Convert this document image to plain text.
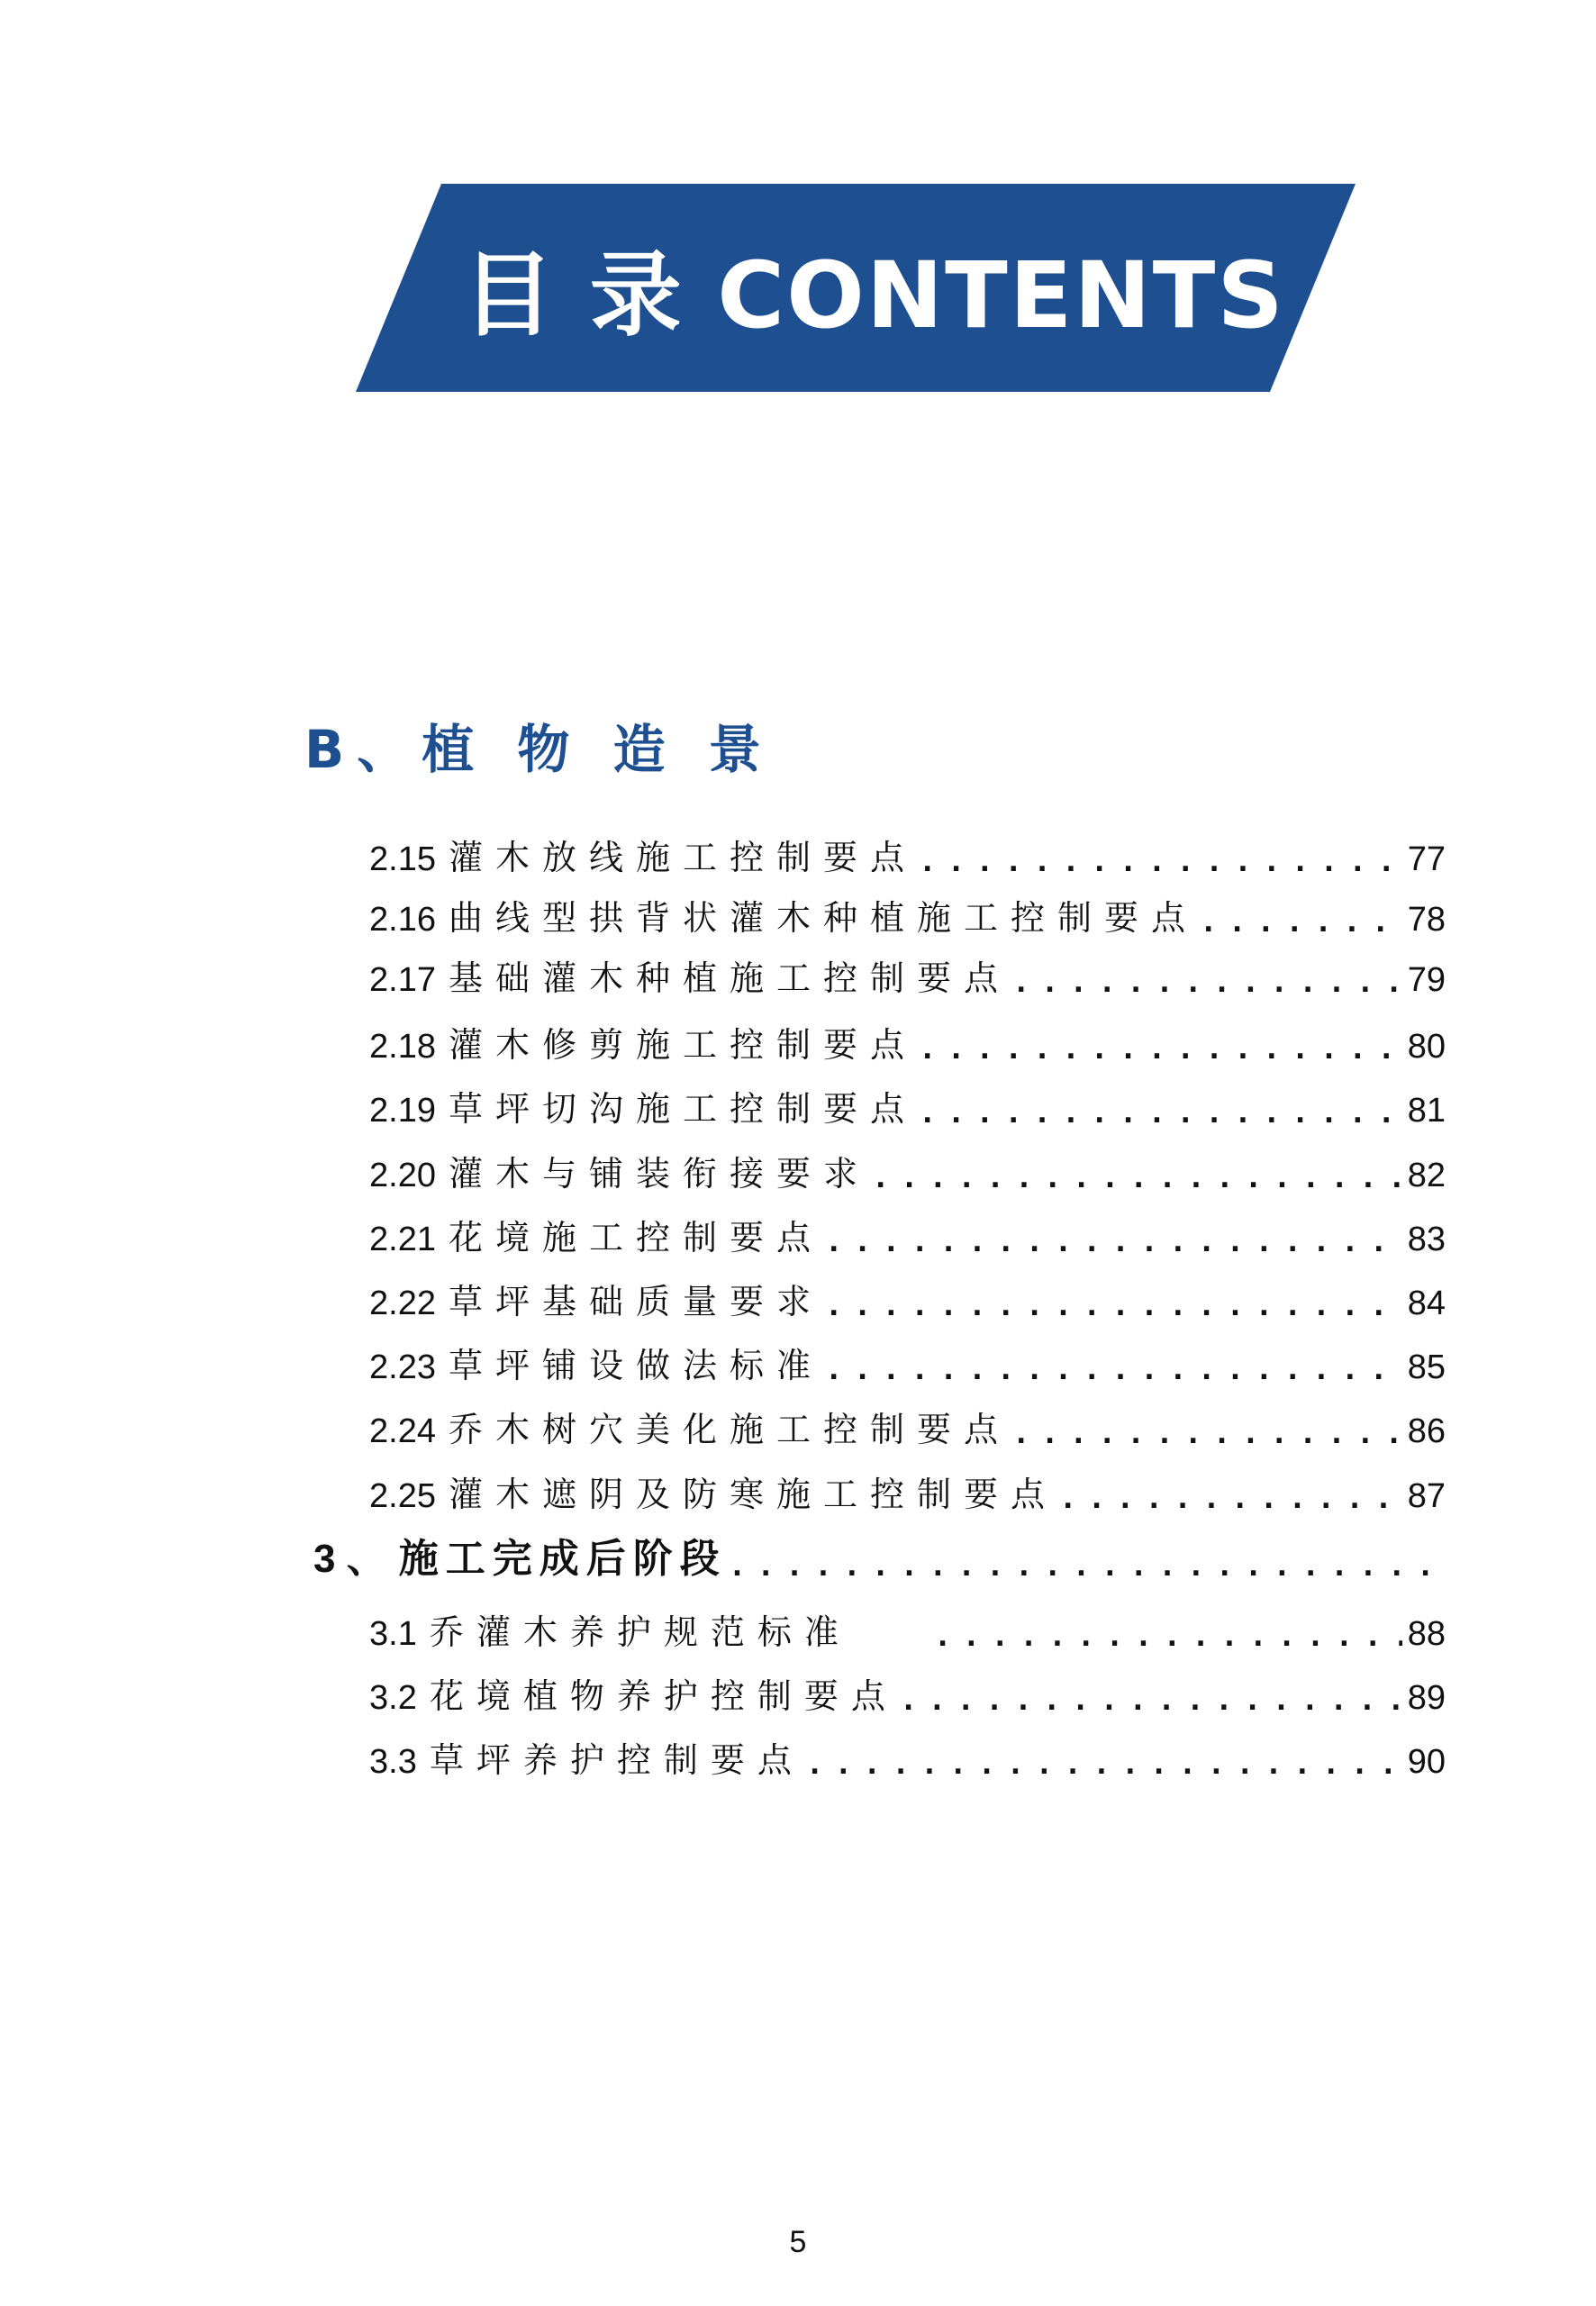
目 录 CONTENTS
B、植 物 造 景
2.15 灌木放线施工控制要点 . . .	77
2.16 曲线型拱背状灌木种植施工控制要点 . . .	78
2.17 基础灌木种植施工控制要点 . . .	79
2.18 灌木修剪施工控制要点 . . .	80
2.19 草坪切沟施工控制要点 . . .	81
2.20 灌木与铺装衔接要求 . . .	82
2.21 花境施工控制要点 . . .	83
2.22 草坪基础质量要求 . . .	84
2.23 草坪铺设做法标准 . . .	85
2.24 乔木树穴美化施工控制要点 . . .	86
2.25 灌木遮阴及防寒施工控制要点 . . .	87
3 、 施工完成后阶段
. . .
3.1 乔灌木养护规范标准 . . .	88
3.2 花境植物养护控制要点 . . .	89
3.3 草坪养护控制要点 . . .	90
5
